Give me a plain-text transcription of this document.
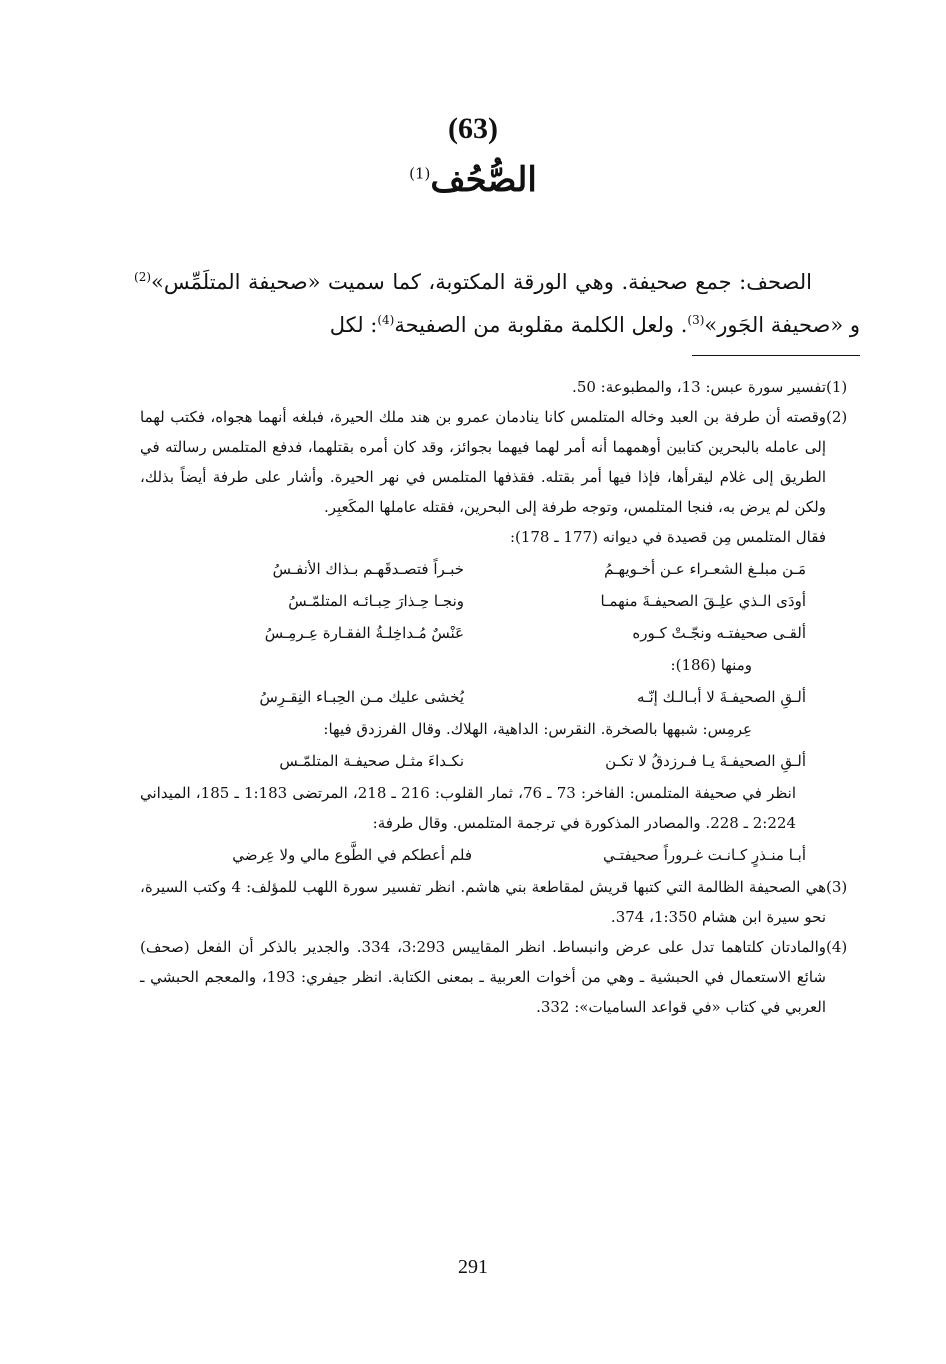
(63)
الصُّحُف$^{(1)}$

الصحف: جمع صحيفة. وهي الورقة المكتوبة، كما سميت «صحيفة المتلَمِّس»$^{(2)}$ و «صحيفة الجَور»$^{(3)}$. ولعل الكلمة مقلوبة من الصفيحة$^{(4)}$: لكل

(1)

تفسير سورة عبس: 13، والمطبوعة: 50.

(2)

وقصته أن طرفة بن العبد وخاله المتلمس كانا ينادمان عمرو بن هند ملك الحيرة، فبلغه أنهما هجواه، فكتب لهما إلى عامله بالبحرين كتابين أوهمهما أنه أمر لهما فيهما بجوائز، وقد كان أمره بقتلهما، فدفع المتلمس رسالته في الطريق إلى غلام ليقرأها، فإذا فيها أمر بقتله. فقذفها المتلمس في نهر الحيرة. وأشار على طرفة أيضاً بذلك، ولكن لم يرض به، فنجا المتلمس، وتوجه طرفة إلى البحرين، فقتله عاملها المكَعبِر.

فقال المتلمس مِن قصيدة في ديوانه (177 ـ 178):

مَـن مبلـغ الشعـراء عـن أخـويهـمُ
خبـراً فتصـدقَهـم بـذاك الأنفـسُ
أودَى الـذي علِـقَ الصحيفـةَ منهمـا
ونجـا حِـذارَ حِبـائـه المتلمّـسُ
ألقـى صحيفتـه ونجّـتْ كـوره
عَنْسٌ مُـداخِلـةُ الفقـارة عِـرمِـسُ

ومنها (186):

ألـقِ الصحيفـةَ لا أبـالـك إنّـه
يُخشى عليك مـن الحِبـاء النِقـرِسُ

عِرمِس: شبهها بالصخرة. النقرس: الداهية، الهلاك. وقال الفرزدق فيها:

ألـقِ الصحيفـةَ يـا فـرزدقُ لا تكـن
نكـداءَ مثـل صحيفـة المتلمّـس

انظر في صحيفة المتلمس: الفاخر: 73 ـ 76، ثمار القلوب: 216 ـ 218، المرتضى 1:183 ـ 185، الميداني 2:224 ـ 228. والمصادر المذكورة في ترجمة المتلمس. وقال طرفة:

أبـا منـذرٍ كـانـت غـروراً صحيفتـي
فلم أعطكم في الطَّوع مالي ولا عِرضي
(3)

هي الصحيفة الظالمة التي كتبها قريش لمقاطعة بني هاشم. انظر تفسير سورة اللهب للمؤلف: 4 وكتب السيرة، نحو سيرة ابن هشام 1:350، 374.

(4)

والمادتان كلتاهما تدل على عرض وانبساط. انظر المقاييس 3:293، 334. والجدير بالذكر أن الفعل (صحف) شائع الاستعمال في الحبشية ـ وهي من أخوات العربية ـ بمعنى الكتابة. انظر جيفري: 193، والمعجم الحبشي ـ العربي في كتاب «في قواعد الساميات»: 332.

291
